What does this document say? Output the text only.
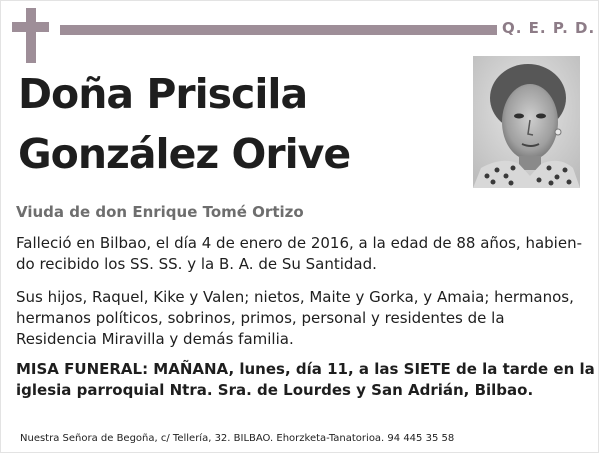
Q. E. P. D.
Doña Priscila
González Orive
Viuda de don Enrique Tomé Ortizo
Falleció en Bilbao, el día 4 de enero de 2016, a la edad de 88 años, habien-
do recibido los SS. SS. y la B. A. de Su Santidad.
Sus hijos, Raquel, Kike y Valen; nietos, Maite y Gorka, y Amaia; hermanos,
hermanos políticos, sobrinos, primos, personal y residentes de la
Residencia Miravilla y demás familia.
MISA FUNERAL: MAÑANA, lunes, día 11, a las SIETE de la tarde en la
iglesia parroquial Ntra. Sra. de Lourdes y San Adrián, Bilbao.
Nuestra Señora de Begoña, c/ Tellería, 32. BILBAO. Ehorzketa-Tanatorioa. 94 445 35 58
